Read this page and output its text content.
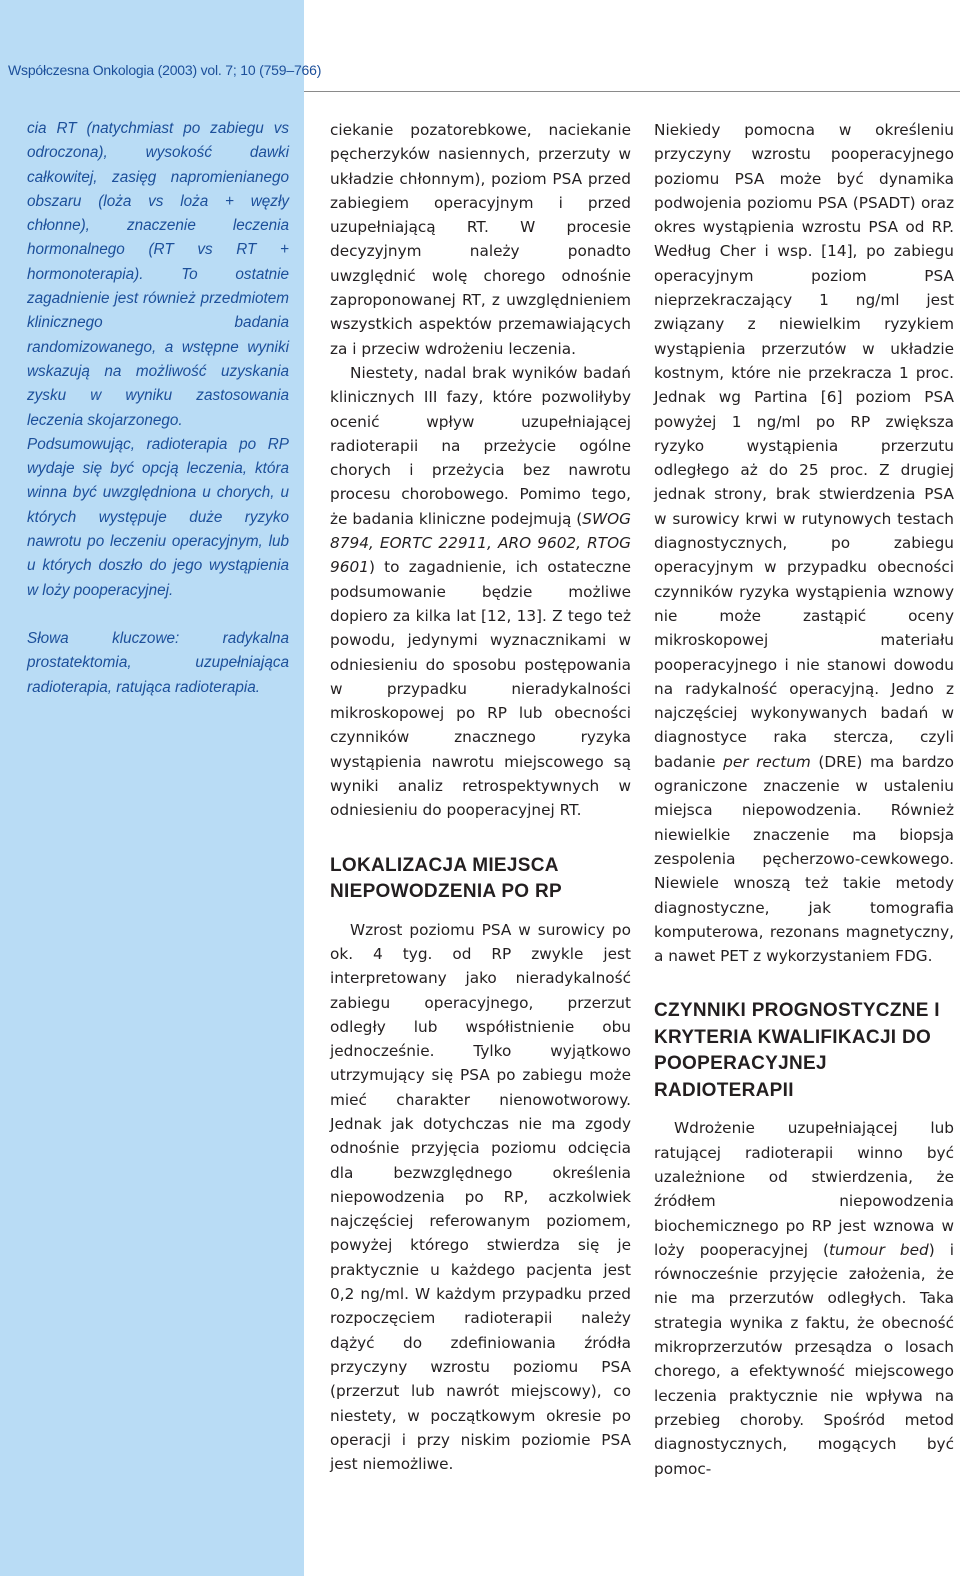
Współczesna Onkologia (2003) vol. 7; 10 (759–766)

cia RT (natychmiast po zabiegu vs odroczona), wysokość dawki całkowitej, zasięg napromienianego obszaru (loża vs loża + węzły chłonne), znaczenie leczenia hormonalnego (RT vs RT + hormonoterapia). To ostatnie zagadnienie jest również przedmiotem klinicznego badania randomizowanego, a wstępne wyniki wskazują na możliwość uzyskania zysku w wyniku zastosowania leczenia skojarzonego.

Podsumowując, radioterapia po RP wydaje się być opcją leczenia, która winna być uwzględniona u chorych, u których występuje duże ryzyko nawrotu po leczeniu operacyjnym, lub u których doszło do jego wystąpienia w loży pooperacyjnej.

Słowa kluczowe: radykalna prostatektomia, uzupełniająca radioterapia, ratująca radioterapia.

ciekanie pozatorebkowe, naciekanie pęcherzyków nasiennych, przerzuty w układzie chłonnym), poziom PSA przed zabiegiem operacyjnym i przed uzupełniającą RT. W procesie decyzyjnym należy ponadto uwzględnić wolę chorego odnośnie zaproponowanej RT, z uwzględnieniem wszystkich aspektów przemawiających za i przeciw wdrożeniu leczenia.

Niestety, nadal brak wyników badań klinicznych III fazy, które pozwoliłyby ocenić wpływ uzupełniającej radioterapii na przeżycie ogólne chorych i przeżycia bez nawrotu procesu chorobowego. Pomimo tego, że badania kliniczne podejmują (SWOG 8794, EORTC 22911, ARO 9602, RTOG 9601) to zagadnienie, ich ostateczne podsumowanie będzie możliwe dopiero za kilka lat [12, 13]. Z tego też powodu, jedynymi wyznacznikami w odniesieniu do sposobu postępowania w przypadku nieradykalności mikroskopowej po RP lub obecności czynników znacznego ryzyka wystąpienia nawrotu miejscowego są wyniki analiz retrospektywnych w odniesieniu do pooperacyjnej RT.

LOKALIZACJA MIEJSCA NIEPOWODZENIA PO RP

Wzrost poziomu PSA w surowicy po ok. 4 tyg. od RP zwykle jest interpretowany jako nieradykalność zabiegu operacyjnego, przerzut odległy lub współistnienie obu jednocześnie. Tylko wyjątkowo utrzymujący się PSA po zabiegu może mieć charakter nienowotworowy. Jednak jak dotychczas nie ma zgody odnośnie przyjęcia poziomu odcięcia dla bezwzględnego określenia niepowodzenia po RP, aczkolwiek najczęściej referowanym poziomem, powyżej którego stwierdza się je praktycznie u każdego pacjenta jest 0,2 ng/ml. W każdym przypadku przed rozpoczęciem radioterapii należy dążyć do zdefiniowania źródła przyczyny wzrostu poziomu PSA (przerzut lub nawrót miejscowy), co niestety, w początkowym okresie po operacji i przy niskim poziomie PSA jest niemożliwe.

Niekiedy pomocna w określeniu przyczyny wzrostu pooperacyjnego poziomu PSA może być dynamika podwojenia poziomu PSA (PSADT) oraz okres wystąpienia wzrostu PSA od RP. Według Cher i wsp. [14], po zabiegu operacyjnym poziom PSA nieprzekraczający 1 ng/ml jest związany z niewielkim ryzykiem wystąpienia przerzutów w układzie kostnym, które nie przekracza 1 proc. Jednak wg Partina [6] poziom PSA powyżej 1 ng/ml po RP zwiększa ryzyko wystąpienia przerzutu odległego aż do 25 proc. Z drugiej jednak strony, brak stwierdzenia PSA w surowicy krwi w rutynowych testach diagnostycznych, po zabiegu operacyjnym w przypadku obecności czynników ryzyka wystąpienia wznowy nie może zastąpić oceny mikroskopowej materiału pooperacyjnego i nie stanowi dowodu na radykalność operacyjną. Jedno z najczęściej wykonywanych badań w diagnostyce raka stercza, czyli badanie per rectum (DRE) ma bardzo ograniczone znaczenie w ustaleniu miejsca niepowodzenia. Również niewielkie znaczenie ma biopsja zespolenia pęcherzowo-cewkowego. Niewiele wnoszą też takie metody diagnostyczne, jak tomografia komputerowa, rezonans magnetyczny, a nawet PET z wykorzystaniem FDG.

CZYNNIKI PROGNOSTYCZNE I KRYTERIA KWALIFIKACJI DO POOPERACYJNEJ RADIOTERAPII

Wdrożenie uzupełniającej lub ratującej radioterapii winno być uzależnione od stwierdzenia, że źródłem niepowodzenia biochemicznego po RP jest wznowa w loży pooperacyjnej (tumour bed) i równocześnie przyjęcie założenia, że nie ma przerzutów odległych. Taka strategia wynika z faktu, że obecność mikroprzerzutów przesądza o losach chorego, a efektywność miejscowego leczenia praktycznie nie wpływa na przebieg choroby. Spośród metod diagnostycznych, mogących być pomoc-
